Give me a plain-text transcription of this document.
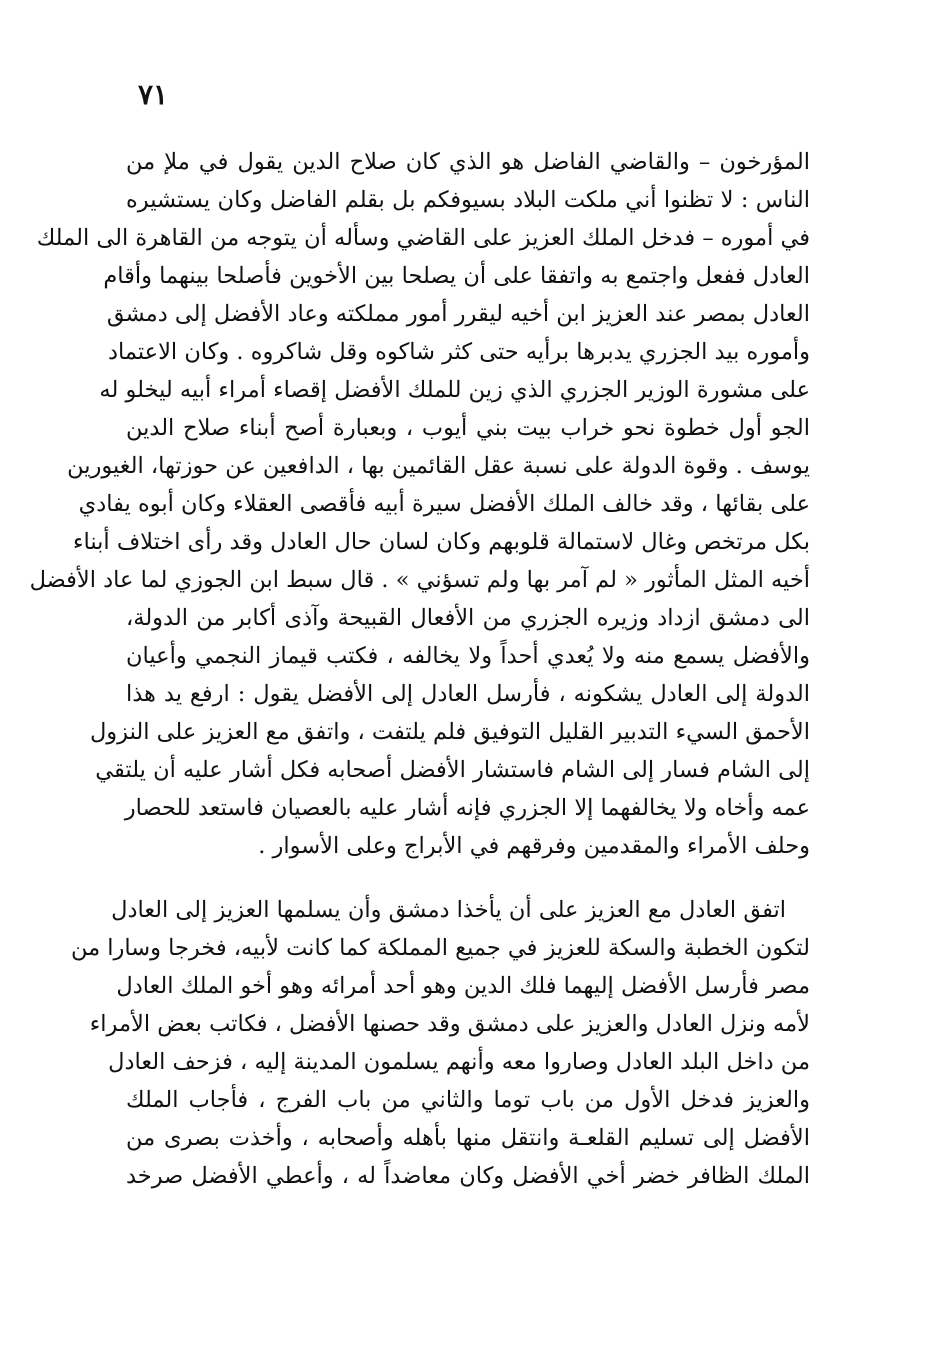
٧١
المؤرخون – والقاضي الفاضل هو الذي كان صلاح الدين يقول في ملإ من
الناس : لا تظنوا أني ملكت البلاد بسيوفكم بل بقلم الفاضل وكان يستشيره
في أموره – فدخل الملك العزيز على القاضي وسأله أن يتوجه من القاهرة الى الملك
العادل ففعل واجتمع به واتفقا على أن يصلحا بين الأخوين فأصلحا بينهما وأقام
العادل بمصر عند العزيز ابن أخيه ليقرر أمور مملكته وعاد الأفضل إلى دمشق
وأموره بيد الجزري يدبرها برأيه حتى كثر شاكوه وقل شاكروه . وكان الاعتماد
على مشورة الوزير الجزري الذي زين للملك الأفضل إقصاء أمراء أبيه ليخلو له
الجو أول خطوة نحو خراب بيت بني أيوب ، وبعبارة أصح أبناء صلاح الدين
يوسف . وقوة الدولة على نسبة عقل القائمين بها ، الدافعين عن حوزتها، الغيورين
على بقائها ، وقد خالف الملك الأفضل سيرة أبيه فأقصى العقلاء وكان أبوه يفادي
بكل مرتخص وغال لاستمالة قلوبهم وكان لسان حال العادل وقد رأى اختلاف أبناء
أخيه المثل المأثور « لم آمر بها ولم تسؤني » . قال سبط ابن الجوزي لما عاد الأفضل
الى دمشق ازداد وزيره الجزري من الأفعال القبيحة وآذى أكابر من الدولة،
والأفضل يسمع منه ولا يُعدي أحداً ولا يخالفه ، فكتب قيماز النجمي وأعيان
الدولة إلى العادل يشكونه ، فأرسل العادل إلى الأفضل يقول : ارفع يد هذا
الأحمق السيء التدبير القليل التوفيق فلم يلتفت ، واتفق مع العزيز على النزول
إلى الشام فسار إلى الشام فاستشار الأفضل أصحابه فكل أشار عليه أن يلتقي
عمه وأخاه ولا يخالفهما إلا الجزري فإنه أشار عليه بالعصيان فاستعد للحصار
وحلف الأمراء والمقدمين وفرقهم في الأبراج وعلى الأسوار .
اتفق العادل مع العزيز على أن يأخذا دمشق وأن يسلمها العزيز إلى العادل
لتكون الخطبة والسكة للعزيز في جميع المملكة كما كانت لأبيه، فخرجا وسارا من
مصر فأرسل الأفضل إليهما فلك الدين وهو أحد أمرائه وهو أخو الملك العادل
لأمه ونزل العادل والعزيز على دمشق وقد حصنها الأفضل ، فكاتب بعض الأمراء
من داخل البلد العادل وصاروا معه وأنهم يسلمون المدينة إليه ، فزحف العادل
والعزيز فدخل الأول من باب توما والثاني من باب الفرج ، فأجاب الملك
الأفضل إلى تسليم القلعـة وانتقل منها بأهله وأصحابه ، وأخذت بصرى من
الملك الظافر خضر أخي الأفضل وكان معاضداً له ، وأعطي الأفضل صرخد
